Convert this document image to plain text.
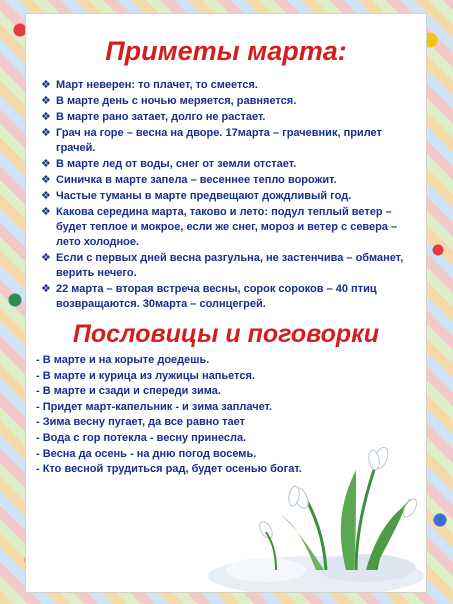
Приметы марта:
❖ Март неверен: то плачет, то смеется.
❖ В марте день с ночью меряется, равняется.
❖ В марте рано затает, долго не растает.
❖ Грач на горе – весна на дворе. 17марта – грачевник, прилет грачей.
❖ В марте лед от воды, снег от земли отстает.
❖ Синичка в марте запела – весеннее тепло ворожит.
❖ Частые туманы в марте предвещают дождливый год.
❖ Какова середина марта, таково и лето: подул теплый ветер – будет теплое и мокрое, если же снег, мороз и ветер с севера – лето холодное.
❖ Если с первых дней весна разгульна, не застенчива – обманет, верить нечего.
❖ 22 марта – вторая встреча весны, сорок сороков – 40 птиц возвращаются. 30марта – солнцегрей.
Пословицы и поговорки
- В марте и на корыте доедешь.
- В марте и курица из лужицы напьется.
- В марте и сзади и спереди зима.
- Придет март-капельник - и зима заплачет.
- Зима весну пугает, да все равно тает
- Вода с гор потекла - весну принесла.
- Весна да осень - на дню погод восемь.
- Кто весной трудиться рад, будет осенью богат.
